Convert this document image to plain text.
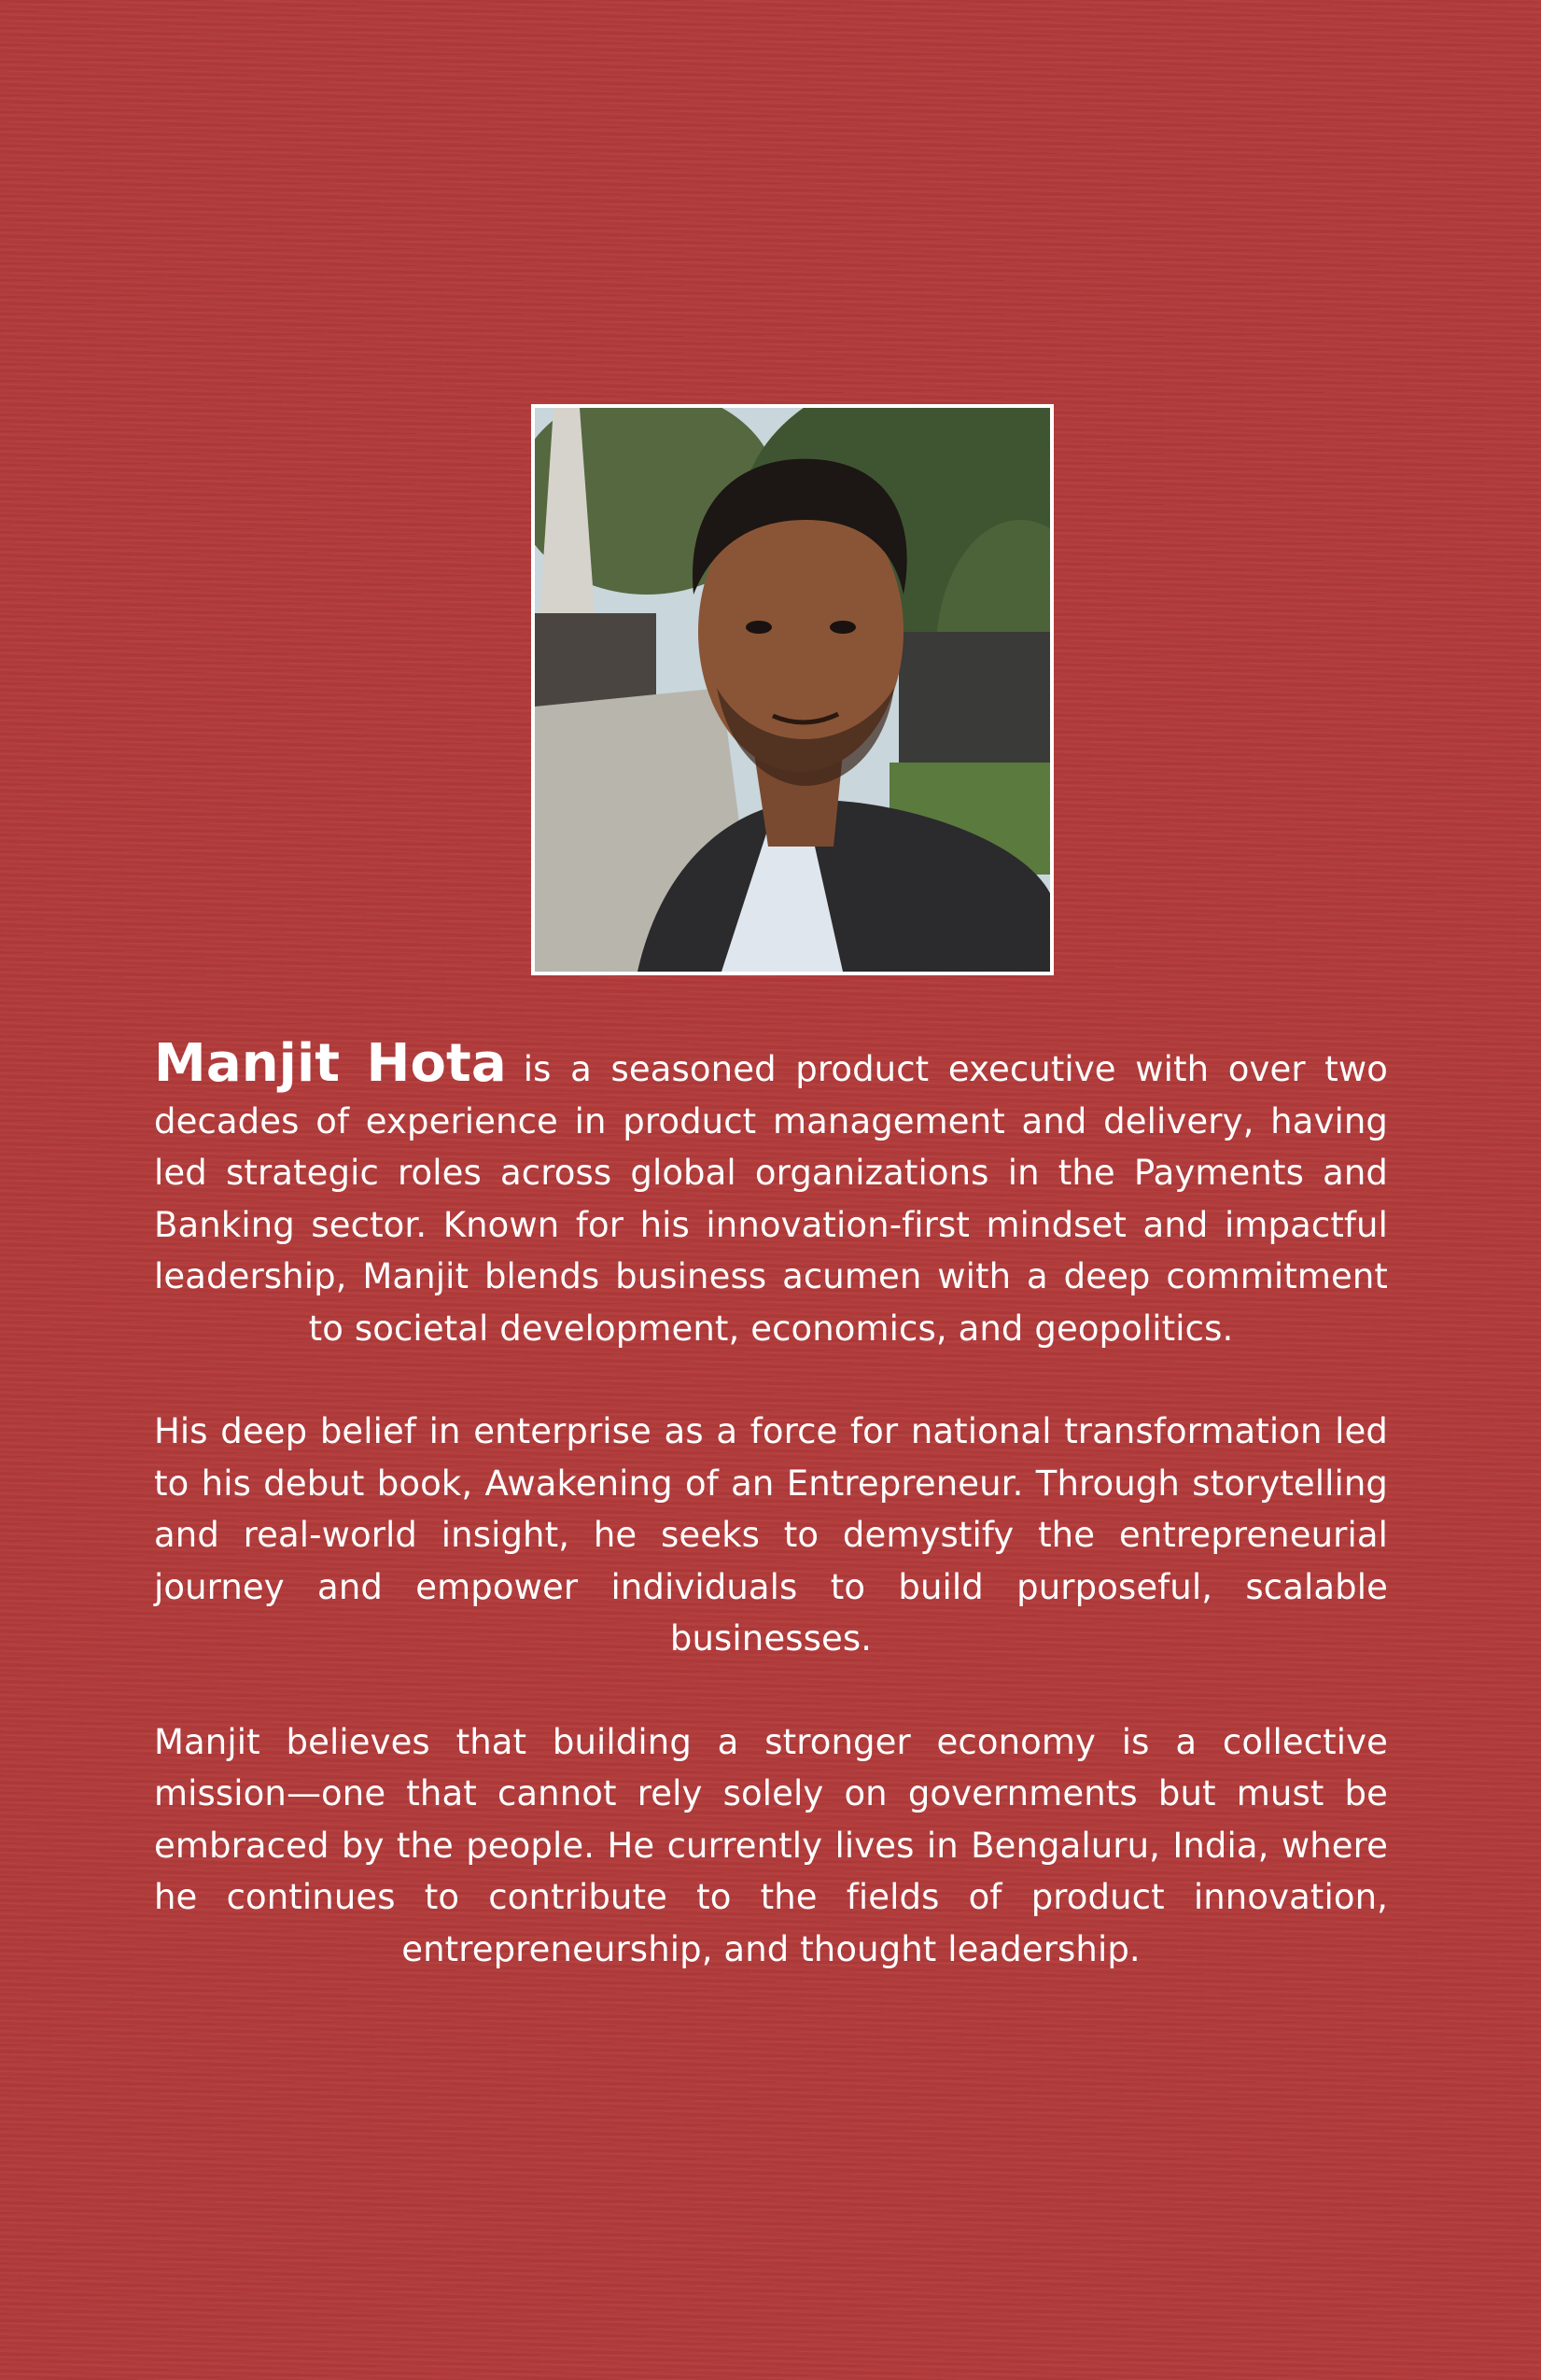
Manjit Hota is a seasoned product executive with over two decades of experience in product management and delivery, having led strategic roles across global organizations in the Payments and Banking sector. Known for his innovation-first mindset and impactful leadership, Manjit blends business acumen with a deep commitment to societal development, economics, and geopolitics.

His deep belief in enterprise as a force for national transformation led to his debut book, Awakening of an Entrepreneur. Through storytelling and real-world insight, he seeks to demystify the entrepreneurial journey and empower individuals to build purposeful, scalable businesses.

Manjit believes that building a stronger economy is a collective mission—one that cannot rely solely on governments but must be embraced by the people. He currently lives in Bengaluru, India, where he continues to contribute to the fields of product innovation, entrepreneurship, and thought leadership.
